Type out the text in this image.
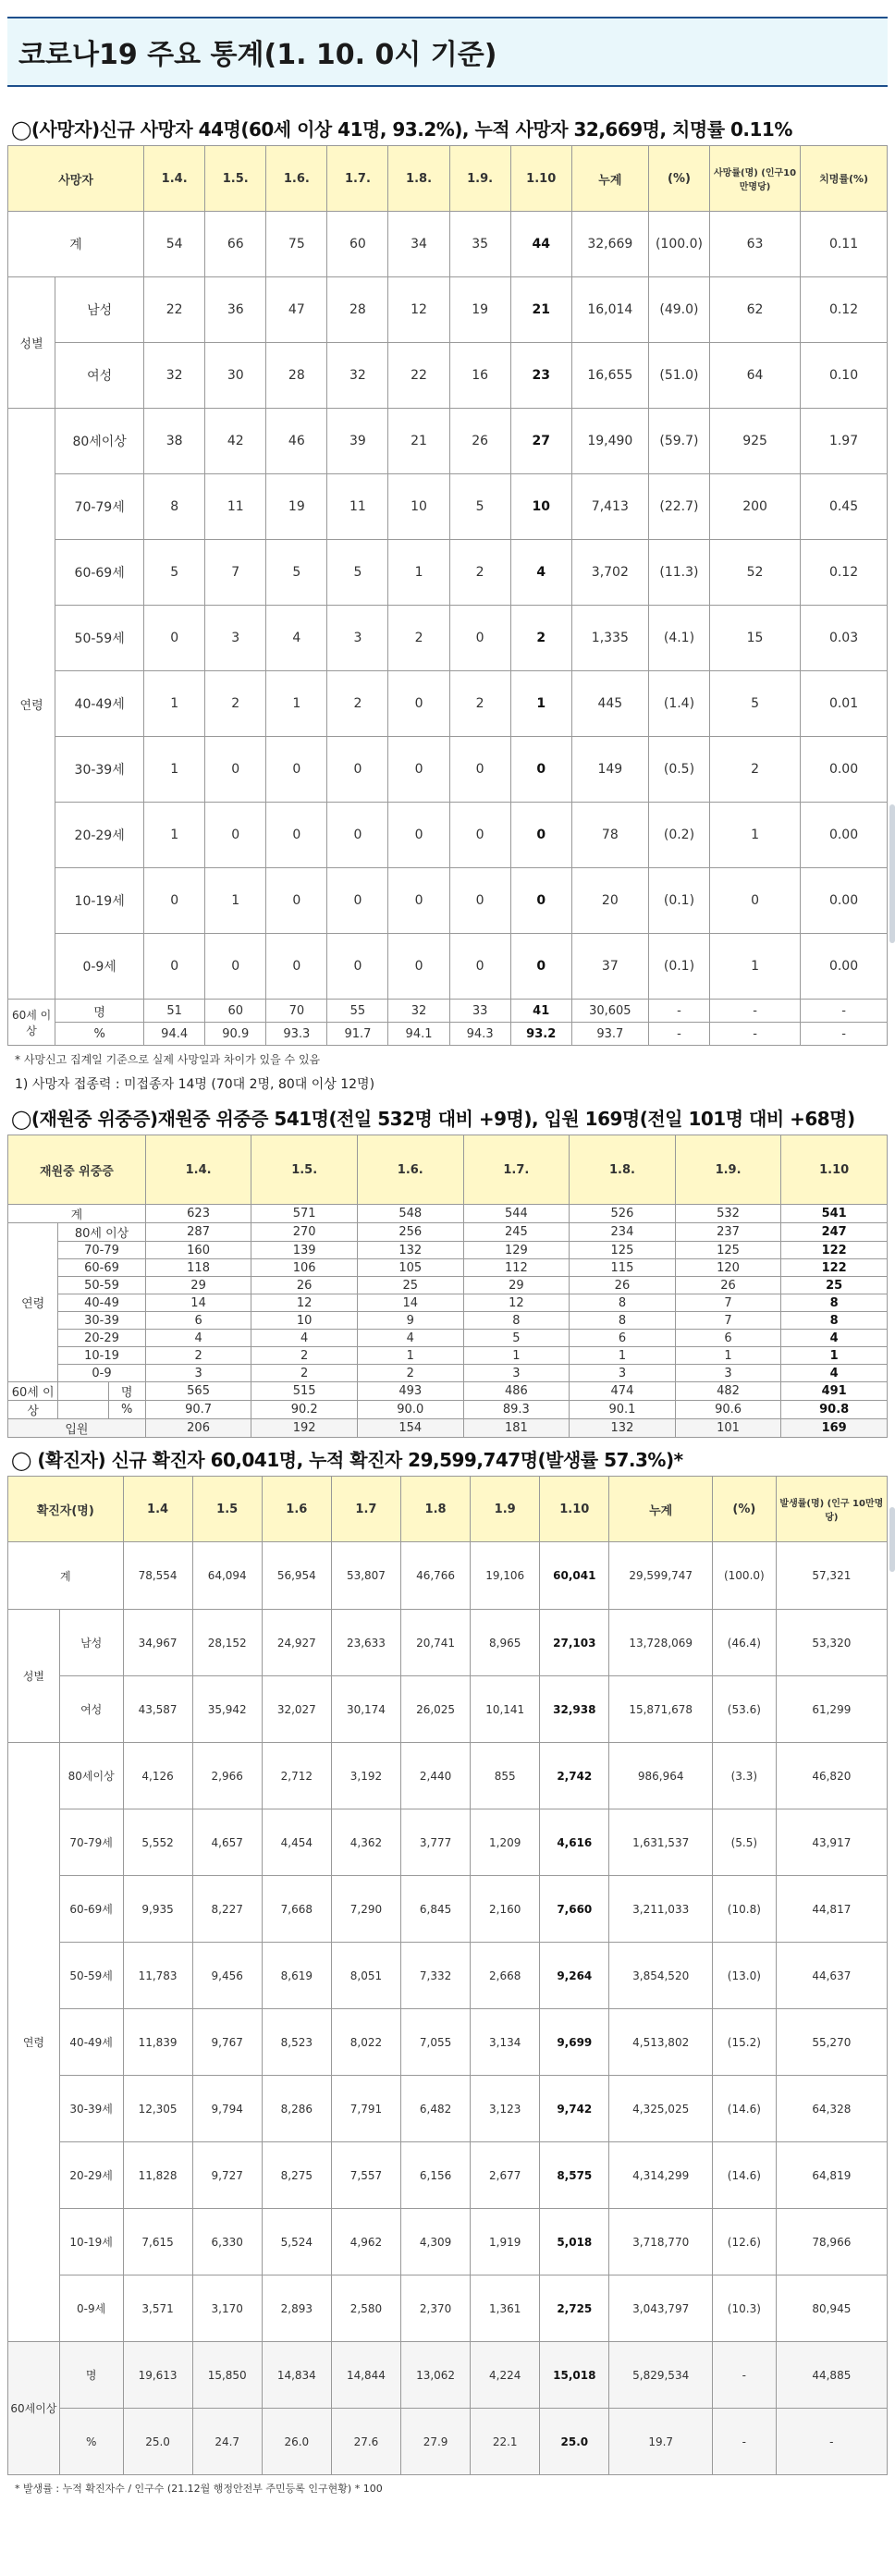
코로나19 주요 통계(1. 10. 0시 기준)
◯(사망자)신규 사망자 44명(60세 이상 41명, 93.2%), 누적 사망자 32,669명, 치명률 0.11%
사망자		1.4.	1.5.	1.6.	1.7.	1.8.	1.9.	1.10	누계	(%)	사망률(명) (인구10만명당)	치명률(%)
계		54	66	75	60	34	35	44	32,669	(100.0)	63	0.11
성별	남성	22	36	47	28	12	19	21	16,014	(49.0)	62	0.12
	여성	32	30	28	32	22	16	23	16,655	(51.0)	64	0.10
연령	80세이상	38	42	46	39	21	26	27	19,490	(59.7)	925	1.97
	70-79세	8	11	19	11	10	5	10	7,413	(22.7)	200	0.45
	60-69세	5	7	5	5	1	2	4	3,702	(11.3)	52	0.12
	50-59세	0	3	4	3	2	0	2	1,335	(4.1)	15	0.03
	40-49세	1	2	1	2	0	2	1	445	(1.4)	5	0.01
	30-39세	1	0	0	0	0	0	0	149	(0.5)	2	0.00
	20-29세	1	0	0	0	0	0	0	78	(0.2)	1	0.00
	10-19세	0	1	0	0	0	0	0	20	(0.1)	0	0.00
	0-9세	0	0	0	0	0	0	0	37	(0.1)	1	0.00
60세 이상	명	51	60	70	55	32	33	41	30,605	-	-	-
	%	94.4	90.9	93.3	91.7	94.1	94.3	93.2	93.7	-	-	-
* 사망신고 집계일 기준으로 실제 사망일과 차이가 있을 수 있음
1) 사망자 접종력 : 미접종자 14명 (70대 2명, 80대 이상 12명)
◯(재원중 위중증)재원중 위중증 541명(전일 532명 대비 +9명), 입원 169명(전일 101명 대비 +68명)
재원중 위중증			1.4.	1.5.	1.6.	1.7.	1.8.	1.9.	1.10
계			623	571	548	544	526	532	541
연령	80세 이상		287	270	256	245	234	237	247
	70-79		160	139	132	129	125	125	122
	60-69		118	106	105	112	115	120	122
	50-59		29	26	25	29	26	26	25
	40-49		14	12	14	12	8	7	8
	30-39		6	10	9	8	8	7	8
	20-29		4	4	4	5	6	6	4
	10-19		2	2	1	1	1	1	1
	0-9		3	2	2	3	3	3	4
60세 이		명	565	515	493	486	474	482	491
상		%	90.7	90.2	90.0	89.3	90.1	90.6	90.8
입원			206	192	154	181	132	101	169
◯ (확진자) 신규 확진자 60,041명, 누적 확진자 29,599,747명(발생률 57.3%)*
확진자(명)		1.4	1.5	1.6	1.7	1.8	1.9	1.10	누계	(%)	발생률(명) (인구 10만명당)
계		78,554	64,094	56,954	53,807	46,766	19,106	60,041	29,599,747	(100.0)	57,321
성별	남성	34,967	28,152	24,927	23,633	20,741	8,965	27,103	13,728,069	(46.4)	53,320
	여성	43,587	35,942	32,027	30,174	26,025	10,141	32,938	15,871,678	(53.6)	61,299
연령	80세이상	4,126	2,966	2,712	3,192	2,440	855	2,742	986,964	(3.3)	46,820
	70-79세	5,552	4,657	4,454	4,362	3,777	1,209	4,616	1,631,537	(5.5)	43,917
	60-69세	9,935	8,227	7,668	7,290	6,845	2,160	7,660	3,211,033	(10.8)	44,817
	50-59세	11,783	9,456	8,619	8,051	7,332	2,668	9,264	3,854,520	(13.0)	44,637
	40-49세	11,839	9,767	8,523	8,022	7,055	3,134	9,699	4,513,802	(15.2)	55,270
	30-39세	12,305	9,794	8,286	7,791	6,482	3,123	9,742	4,325,025	(14.6)	64,328
	20-29세	11,828	9,727	8,275	7,557	6,156	2,677	8,575	4,314,299	(14.6)	64,819
	10-19세	7,615	6,330	5,524	4,962	4,309	1,919	5,018	3,718,770	(12.6)	78,966
	0-9세	3,571	3,170	2,893	2,580	2,370	1,361	2,725	3,043,797	(10.3)	80,945
60세이상	명	19,613	15,850	14,834	14,844	13,062	4,224	15,018	5,829,534	-	44,885
	%	25.0	24.7	26.0	27.6	27.9	22.1	25.0	19.7	-	-
* 발생률 : 누적 확진자수 / 인구수 (21.12월 행정안전부 주민등록 인구현황) * 100
